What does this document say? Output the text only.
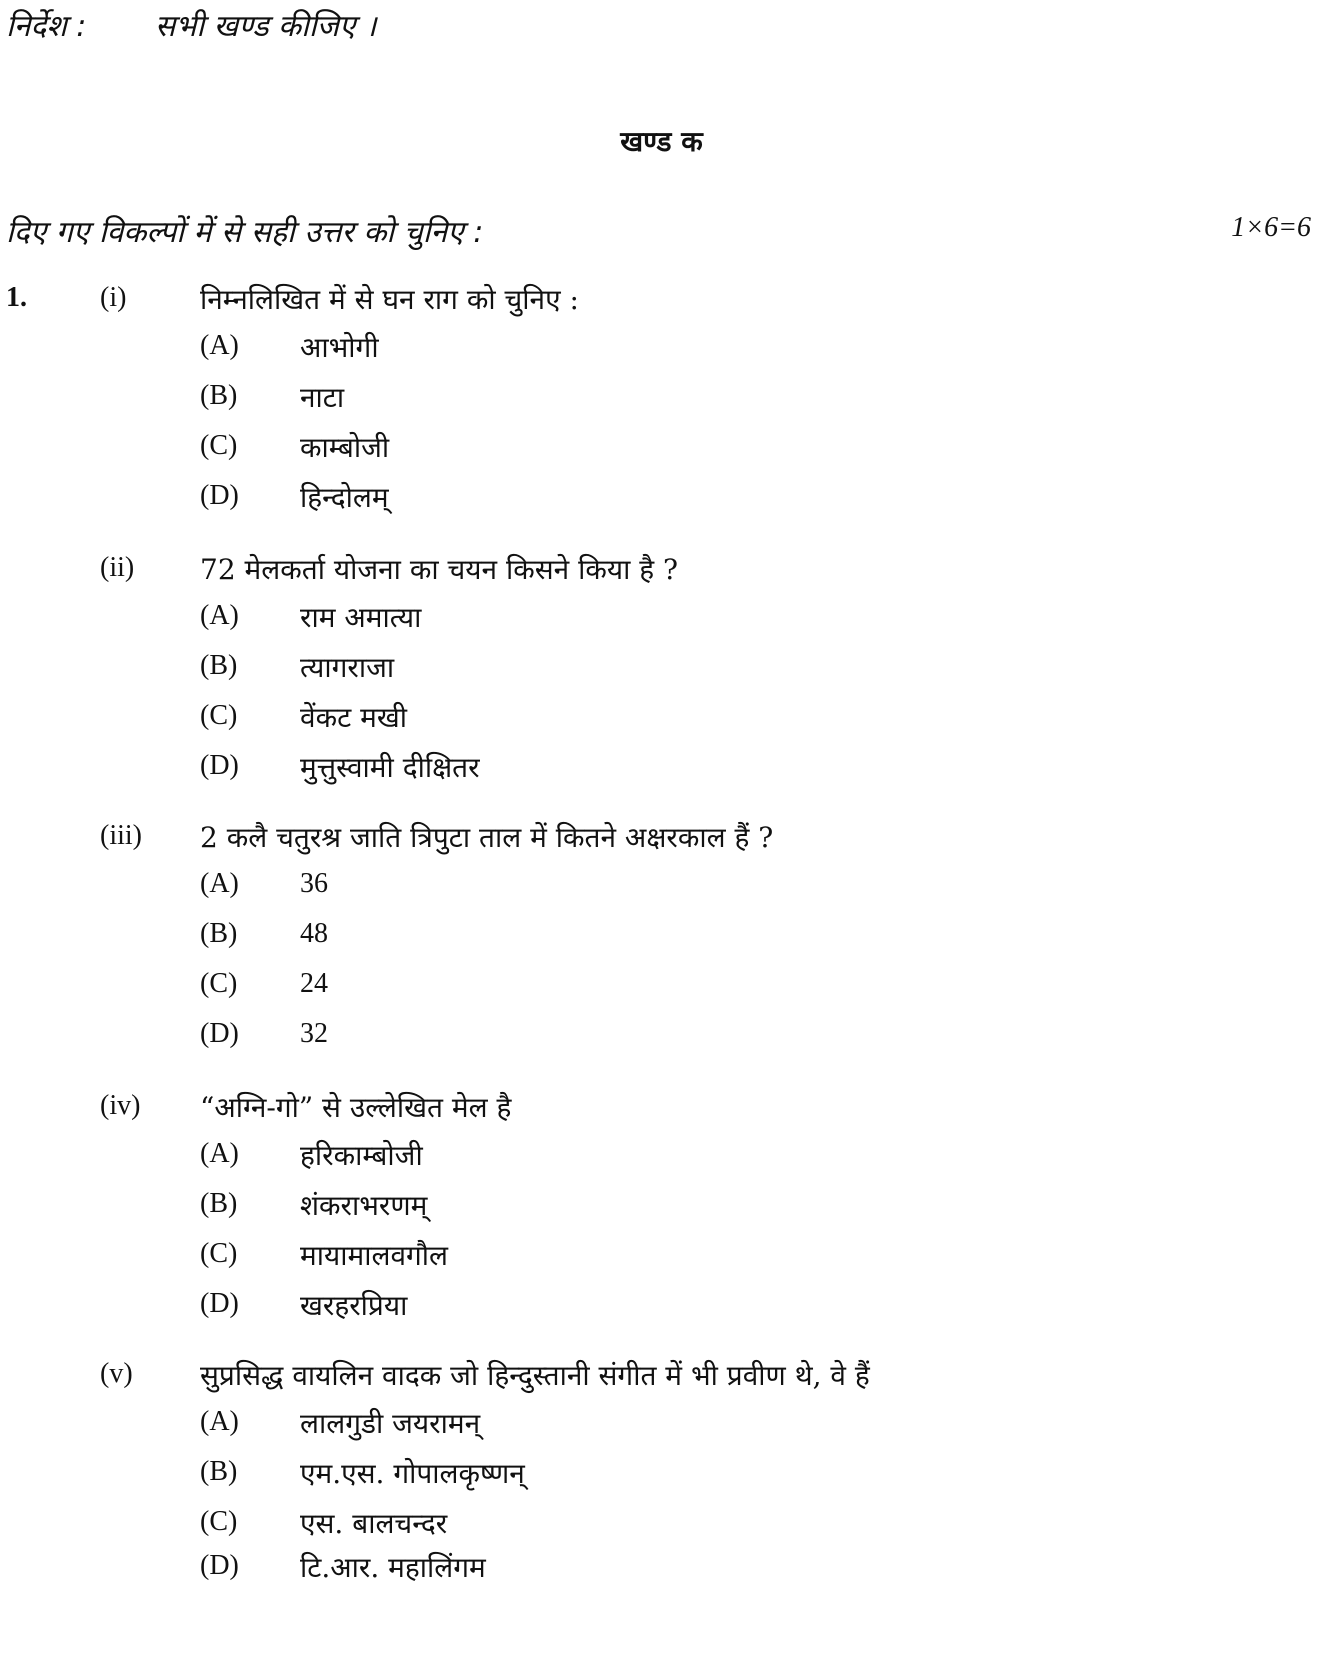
निर्देश : सभी खण्ड कीजिए ।
खण्ड क
दिए गए विकल्पों में से सही उत्तर को चुनिए :	1×6=6
1.	(i)	निम्नलिखित में से घन राग को चुनिए :
(A) आभोगी
(B) नाटा
(C) काम्बोजी
(D) हिन्दोलम्
(ii) 72 मेलकर्ता योजना का चयन किसने किया है ?
(A) राम अमात्या
(B) त्यागराजा
(C) वेंकट मखी
(D) मुत्तुस्वामी दीक्षितर
(iii) 2 कलै चतुरश्र जाति त्रिपुटा ताल में कितने अक्षरकाल हैं ?
(A) 36
(B) 48
(C) 24
(D) 32
(iv) “अग्नि-गो” से उल्लेखित मेल है
(A) हरिकाम्बोजी
(B) शंकराभरणम्
(C) मायामालवगौल
(D) खरहरप्रिया
(v) सुप्रसिद्ध वायलिन वादक जो हिन्दुस्तानी संगीत में भी प्रवीण थे, वे हैं
(A) लालगुडी जयरामन्
(B) एम.एस. गोपालकृष्णन्
(C) एस. बालचन्दर
(D) टि.आर. महालिंगम
